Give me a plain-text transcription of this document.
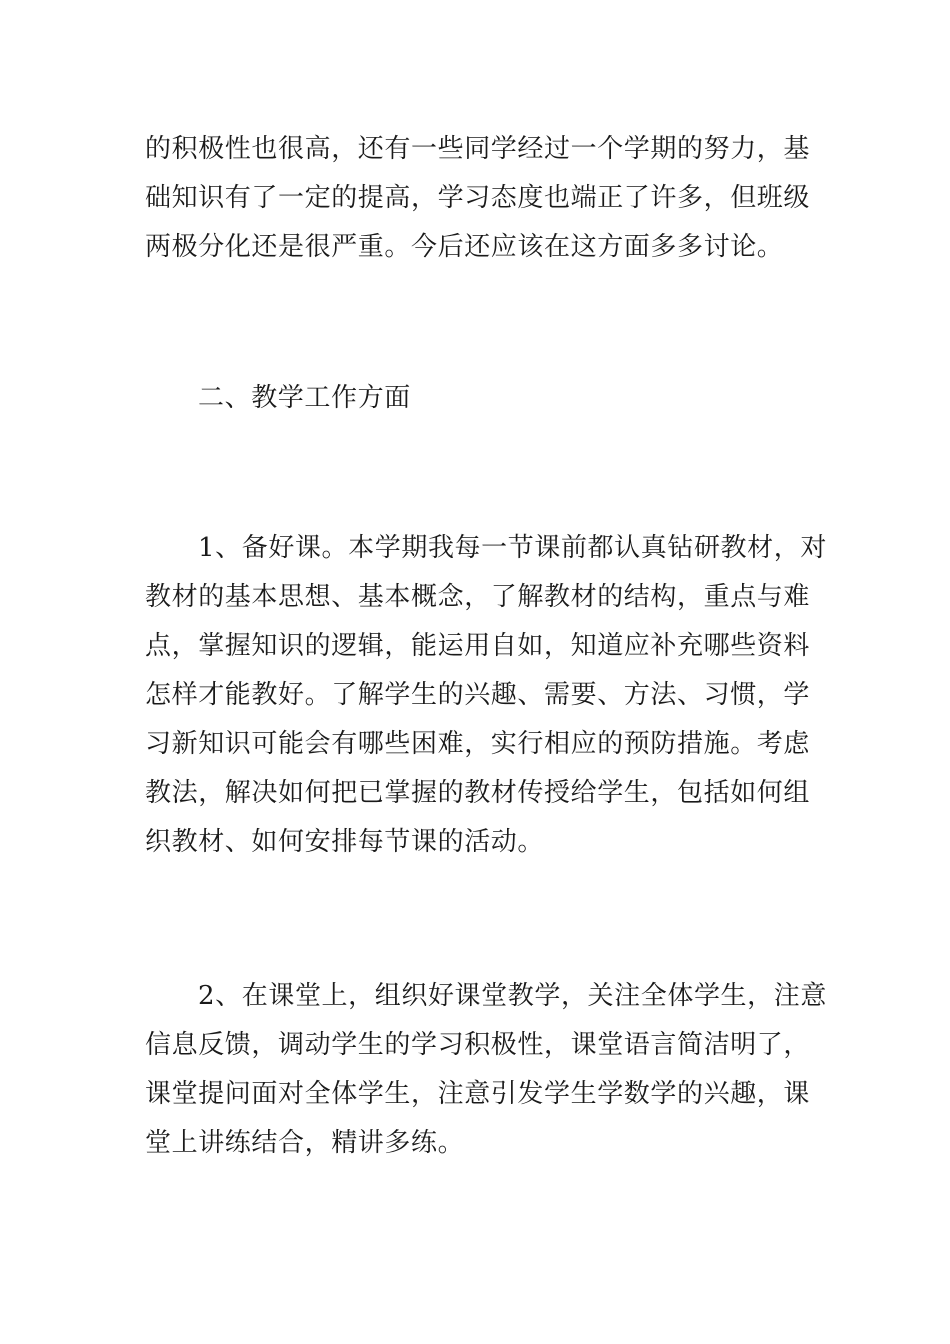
的积极性也很高，还有一些同学经过一个学期的努力，基
础知识有了一定的提高，学习态度也端正了许多，但班级
两极分化还是很严重。今后还应该在这方面多多讨论。
二、教学工作方面
1、备好课。本学期我每一节课前都认真钻研教材，对
教材的基本思想、基本概念，了解教材的结构，重点与难
点，掌握知识的逻辑，能运用自如，知道应补充哪些资料
怎样才能教好。了解学生的兴趣、需要、方法、习惯，学
习新知识可能会有哪些困难，实行相应的预防措施。考虑
教法，解决如何把已掌握的教材传授给学生，包括如何组
织教材、如何安排每节课的活动。
2、在课堂上，组织好课堂教学，关注全体学生，注意
信息反馈，调动学生的学习积极性，课堂语言简洁明了，
课堂提问面对全体学生，注意引发学生学数学的兴趣，课
堂上讲练结合，精讲多练。
